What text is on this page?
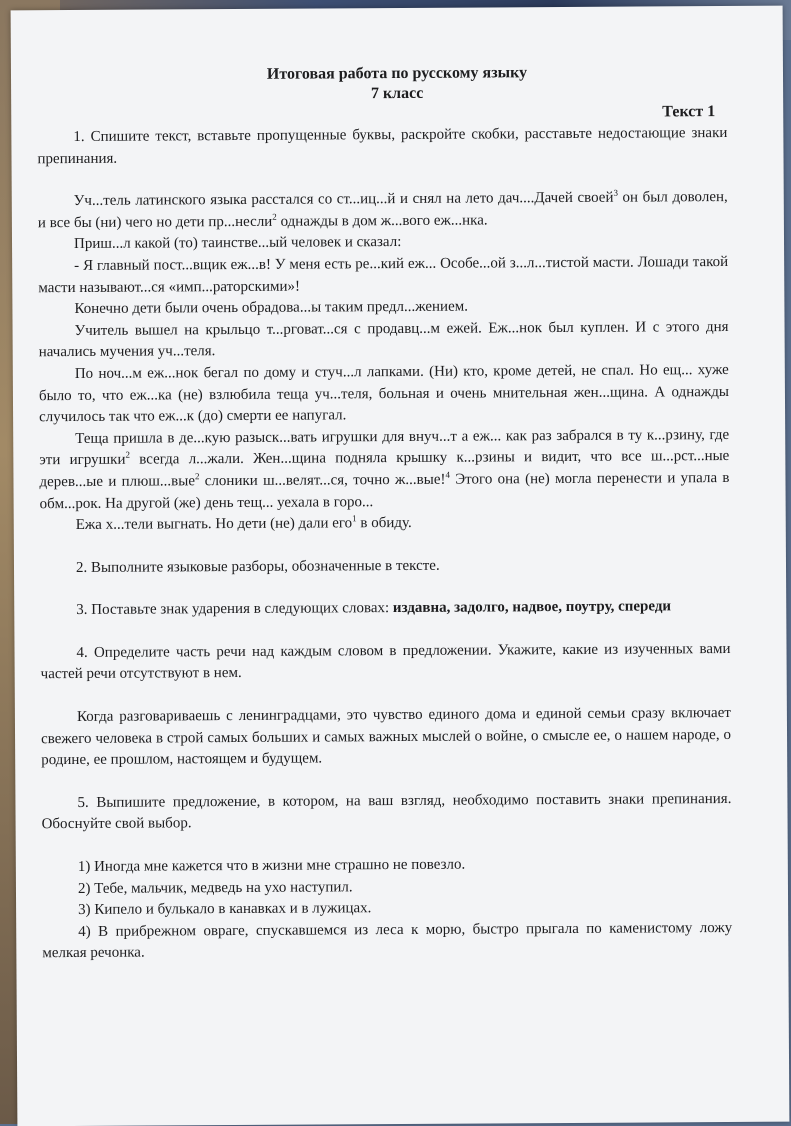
Итоговая работа по русскому языку
7 класс
Текст 1

1. Спишите текст, вставьте пропущенные буквы, раскройте скобки, расставьте недостающие знаки препинания.

Уч...тель латинского языка расстался со ст...иц...й и снял на лето дач....Дачей своей$^3$ он был доволен, и все бы (ни) чего но дети пр...несли$^2$ однажды в дом ж...вого еж...нка.

Приш...л какой (то) таинстве...ый человек и сказал:

- Я главный пост...вщик еж...в! У меня есть ре...кий еж... Особе...ой з...л...тистой масти. Лошади такой масти называют...ся «имп...раторскими»!

Конечно дети были очень обрадова...ы таким предл...жением.

Учитель вышел на крыльцо т...рговат...ся с продавц...м ежей. Еж...нок был куплен. И с этого дня начались мучения уч...теля.

По ноч...м еж...нок бегал по дому и стуч...л лапками. (Ни) кто, кроме детей, не спал. Но ещ... хуже было то, что еж...ка (не) взлюбила теща уч...теля, больная и очень мнительная жен...щина. А однажды случилось так что еж...к (до) смерти ее напугал.

Теща пришла в де...кую разыск...вать игрушки для внуч...т а еж... как раз забрался в ту к...рзину, где эти игрушки$^2$ всегда л...жали. Жен...щина подняла крышку к...рзины и видит, что все ш...рст...ные дерев...ые и плюш...вые$^2$ слоники ш...велят...ся, точно ж...вые!$^4$ Этого она (не) могла перенести и упала в обм...рок. На другой (же) день тещ... уехала в горо...

Ежа х...тели выгнать. Но дети (не) дали его$^1$ в обиду.

2. Выполните языковые разборы, обозначенные в тексте.

3. Поставьте знак ударения в следующих словах: издавна, задолго, надвое, поутру, спереди

4. Определите часть речи над каждым словом в предложении. Укажите, какие из изученных вами частей речи отсутствуют в нем.

Когда разговариваешь с ленинградцами, это чувство единого дома и единой семьи сразу включает свежего человека в строй самых больших и самых важных мыслей о войне, о смысле ее, о нашем народе, о родине, ее прошлом, настоящем и будущем.

5. Выпишите предложение, в котором, на ваш взгляд, необходимо поставить знаки препинания. Обоснуйте свой выбор.

1) Иногда мне кажется что в жизни мне страшно не повезло.

2) Тебе, мальчик, медведь на ухо наступил.

3) Кипело и булькало в канавках и в лужицах.

4) В прибрежном овраге, спускавшемся из леса к морю, быстро прыгала по каменистому ложу мелкая речонка.
